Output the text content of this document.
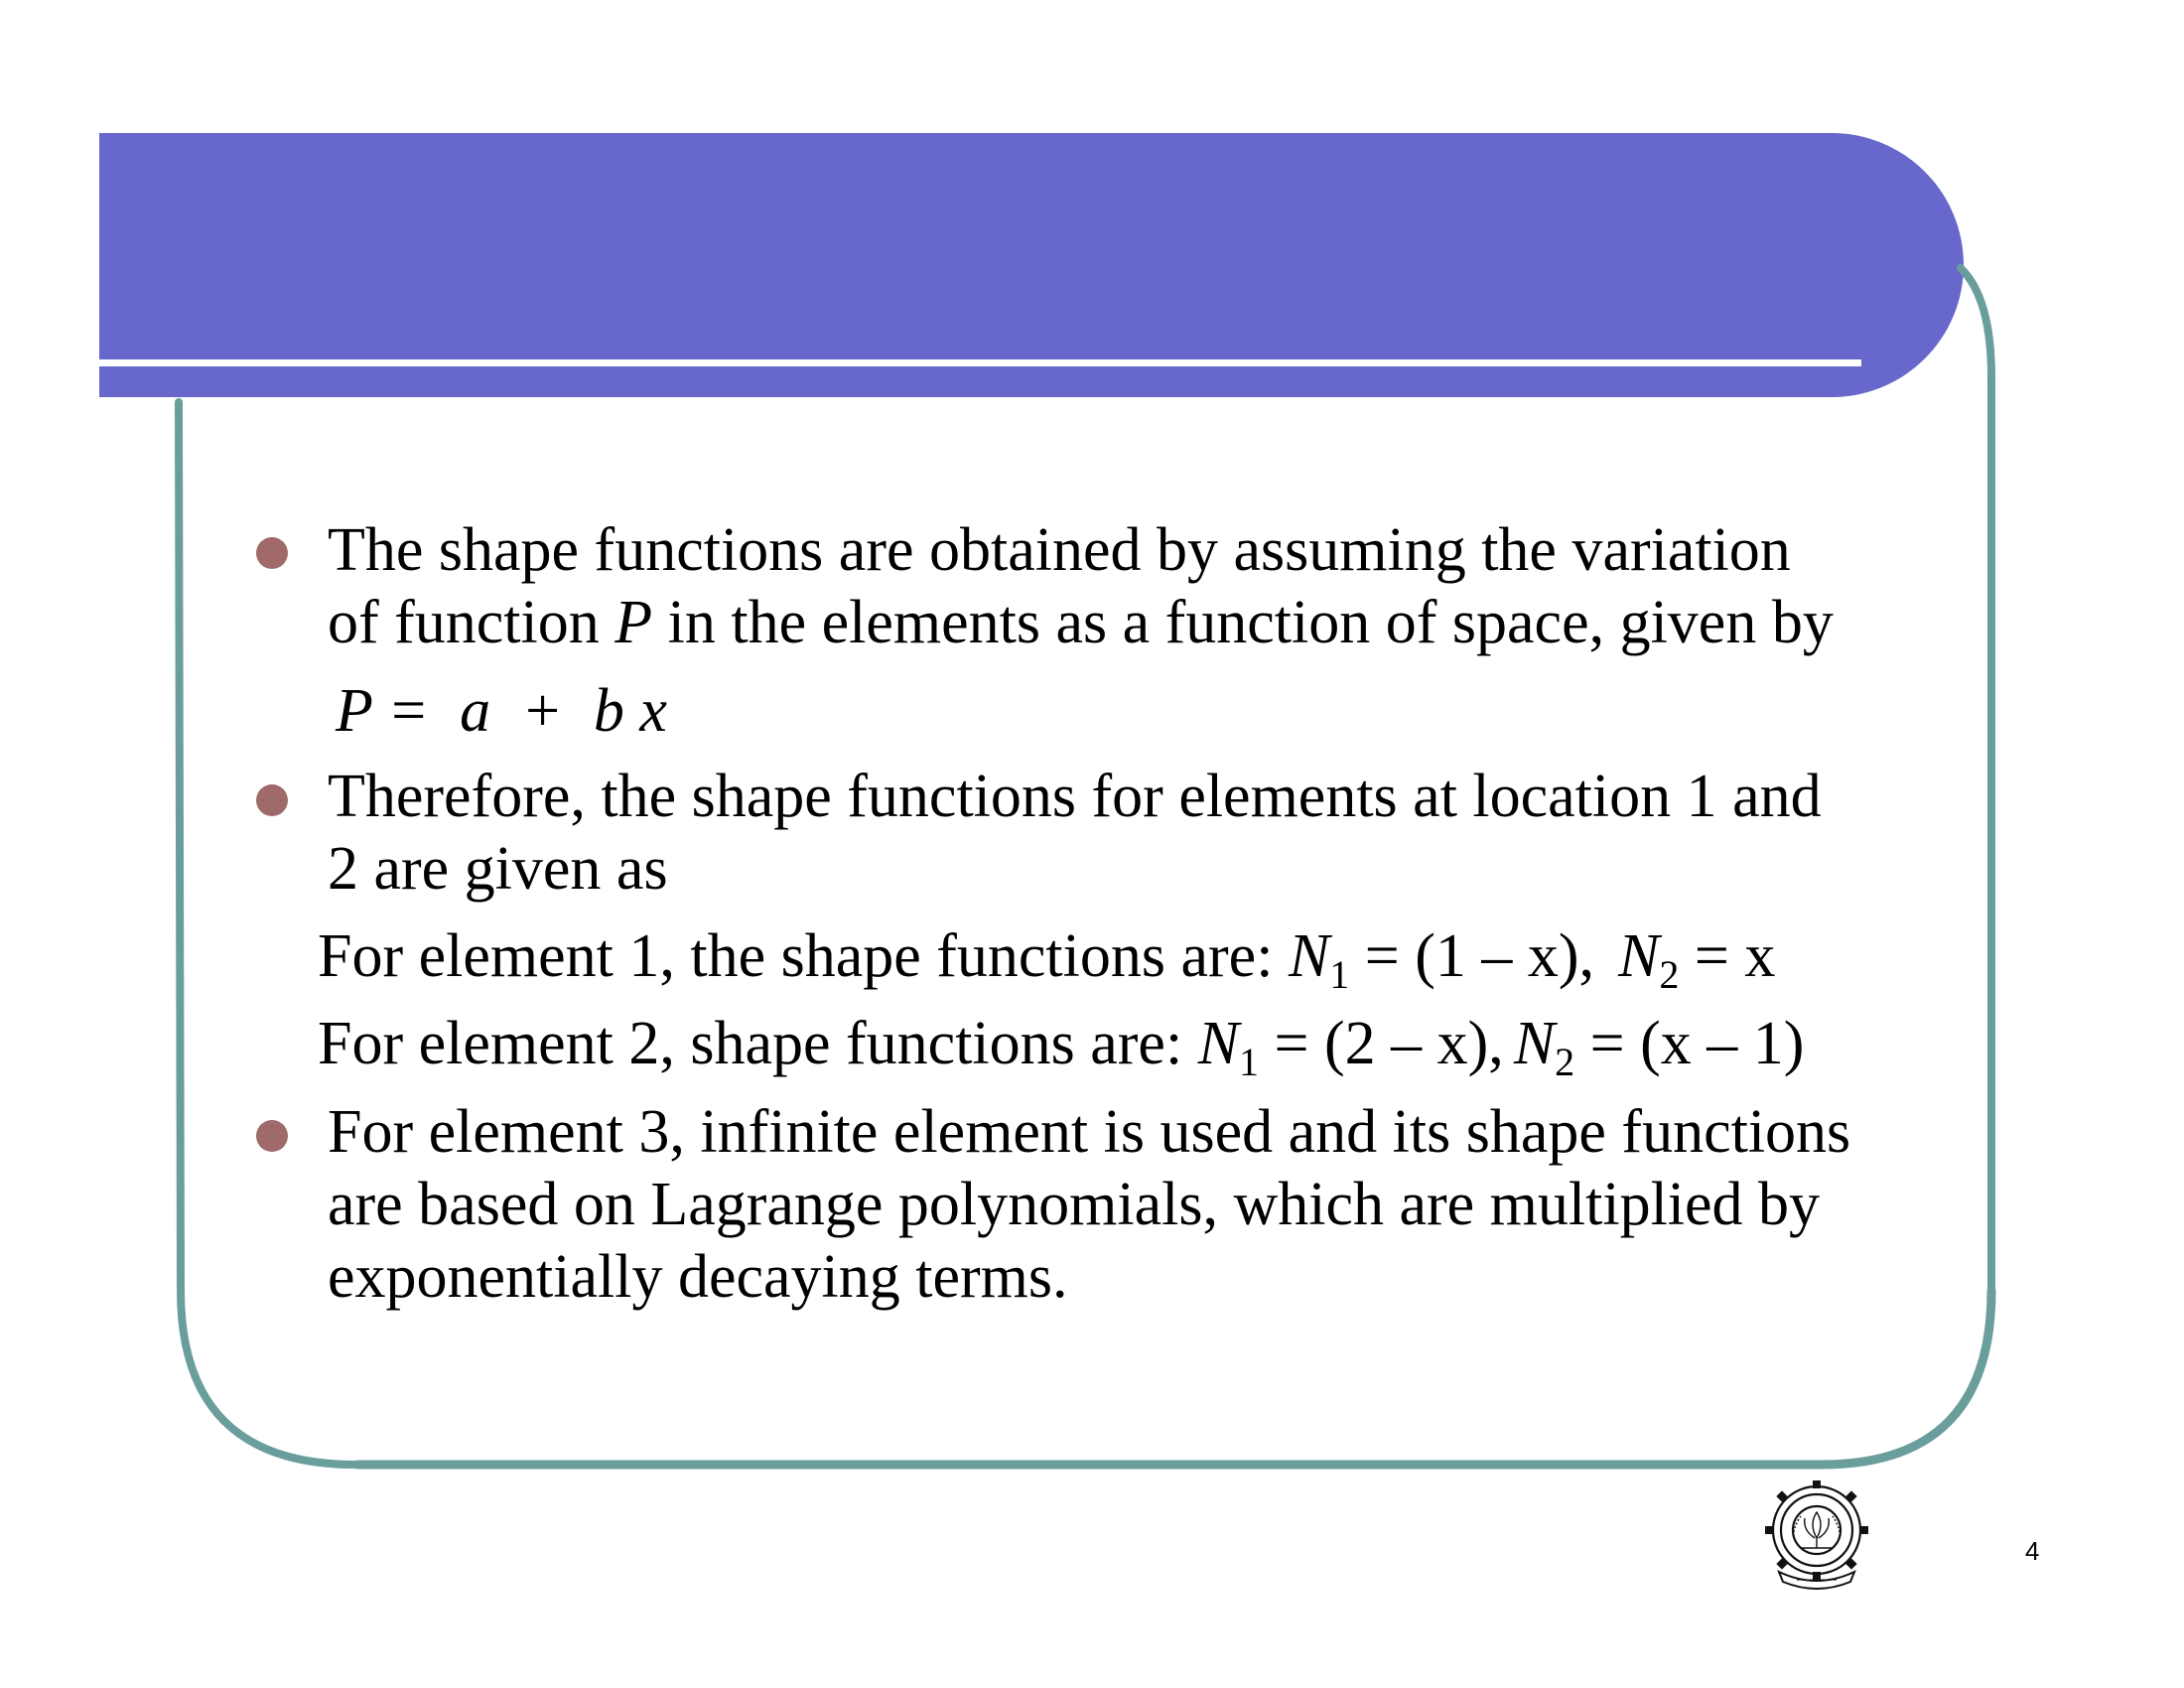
The shape functions are obtained by assuming the variation
of function P in the elements as a function of space, given by
P =  a  +  b x
Therefore, the shape functions for elements at location 1 and
2 are given as
For element 1, the shape functions are: $N_1 = (1 - x)$, $N_2 = x$
For element 2, shape functions are: $N_1 = (2 - x)$, $N_2 = (x - 1)$
For element 3, infinite element is used and its shape functions
are based on Lagrange polynomials, which are multiplied by
exponentially decaying terms.
4
